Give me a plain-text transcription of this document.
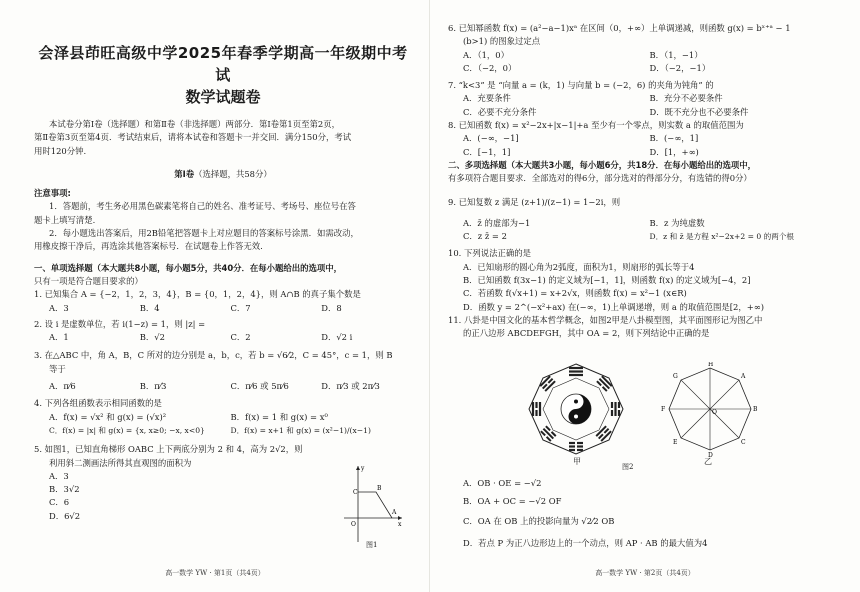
会泽县茚旺高级中学2025年春季学期高一年级期中考试
数学试题卷

本试卷分第Ⅰ卷（选择题）和第Ⅱ卷（非选择题）两部分．第Ⅰ卷第1页至第2页，

第Ⅱ卷第3页至第4页．考试结束后，请将本试卷和答题卡一并交回．满分150分，考试

用时120分钟.

第Ⅰ卷（选择题，共58分）

注意事项:

1．答题前，考生务必用黑色碳素笔将自己的姓名、准考证号、考场号、座位号在答

题卡上填写清楚.

2．每小题选出答案后，用2B铅笔把答题卡上对应题目的答案标号涂黑．如需改动，

用橡皮擦干净后，再选涂其他答案标号．在试题卷上作答无效.

一、单项选择题（本大题共8小题，每小题5分，共40分．在每小题给出的选项中，

只有一项是符合题目要求的）

1. 已知集合 A = {−2，1，2，3，4}，B = {0，1，2，4}，则 A∩B 的真子集个数是

A．3	B．4	C．7	D．8

2. 设 i 是虚数单位，若 i(1−z) = 1，则 |z| =

A．1	B．√2	C．2	D．√2 i

3. 在△ABC 中，角 A，B，C 所对的边分别是 a，b，c，若 b = √6⁄2，C = 45°，c = 1，则 B

等于

A．π⁄6	B．π⁄3	C．π⁄6 或 5π⁄6	D．π⁄3 或 2π⁄3

4. 下列各组函数表示相同函数的是

A．f(x) = √x² 和 g(x) = (√x)²	B．f(x) = 1 和 g(x) = x⁰
C．f(x) = |x| 和 g(x) = {x, x≥0; −x, x<0}	D．f(x) = x+1 和 g(x) = (x²−1)/(x−1)

5. 如图1，已知直角梯形 OABC 上下两底分别为 2 和 4，高为 2√2，则

利用斜二测画法所得其直观图的面积为

A．3

B．3√2

C．6

D．6√2

C
B
A
O
y
x
图1
高一数学 YW · 第1页（共4页）

6. 已知幂函数 f(x) = (a²−a−1)xᵃ 在区间（0，+∞）上单调递减，则函数 g(x) = bˣ⁺ᵃ − 1

(b>1) 的图象过定点

A．（1，0）	B．（1，−1）
C．（−2，0）	D．（−2，−1）

7. “k<3” 是 “向量 a = (k，1) 与向量 b = (−2，6) 的夹角为钝角” 的

A．充要条件	B．充分不必要条件
C．必要不充分条件	D．既不充分也不必要条件

8. 已知函数 f(x) = x²−2x+|x−1|+a 至少有一个零点，则实数 a 的取值范围为

A．(−∞，−1]	B．(−∞，1]
C．[−1，1]	D．[1，+∞)

二、多项选择题（本大题共3小题，每小题6分，共18分．在每小题给出的选项中，

有多项符合题目要求．全部选对的得6分，部分选对的得部分分，有选错的得0分）

9. 已知复数 z 满足 (z+1)/(z−1) = 1−2i，则

A．z̄ 的虚部为−1	B．z 为纯虚数
C．z z̄ = 2	D．z 和 z̄ 是方程 x²−2x+2 = 0 的两个根

10. 下列说法正确的是

A．已知扇形的圆心角为2弧度，面积为1，则扇形的弧长等于4

B．已知函数 f(3x−1) 的定义域为[−1，1]，则函数 f(x) 的定义域为[−4，2]

C．若函数 f(√x+1) = x+2√x，则函数 f(x) = x²−1 (x∈R)

D．函数 y = 2^(−x²+ax) 在(−∞，1)上单调递增，则 a 的取值范围是[2，+∞)

11. 八卦是中国文化的基本哲学概念，如图2甲是八卦模型图，其平面图形记为图乙中

的正八边形 ABCDEFGH，其中 OA = 2，则下列结论中正确的是

甲
H
A
B
C
D
E
F
G
O
乙
图2

A．OB · OE = −√2

B．OA + OC = −√2 OF

C．OA 在 OB 上的投影向量为 √2⁄2 OB

D．若点 P 为正八边形边上的一个动点，则 AP · AB 的最大值为4

高一数学 YW · 第2页（共4页）
